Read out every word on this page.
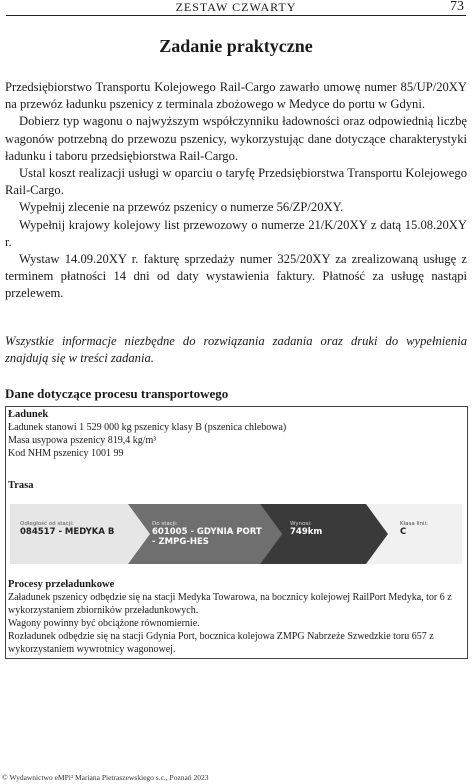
ZESTAW CZWARTY	73
Zadanie praktyczne

Przedsiębiorstwo Transportu Kolejowego Rail-Cargo zawarło umowę numer 85/UP/20XY na przewóz ładunku pszenicy z terminala zbożowego w Medyce do portu w Gdyni.

Dobierz typ wagonu o najwyższym współczynniku ładowności oraz odpowiednią liczbę wagonów potrzebną do przewozu pszenicy, wykorzystując dane dotyczące charakterystyki ładunku i taboru przedsiębiorstwa Rail-Cargo.

Ustal koszt realizacji usługi w oparciu o taryfę Przedsiębiorstwa Transportu Kolejowego Rail-Cargo.

Wypełnij zlecenie na przewóz pszenicy o numerze 56/ZP/20XY.

Wypełnij krajowy kolejowy list przewozowy o numerze 21/K/20XY z datą 15.08.20XY r.

Wystaw 14.09.20XY r. fakturę sprzedaży numer 325/20XY za zrealizowaną usługę z terminem płatności 14 dni od daty wystawienia faktury. Płatność za usługę nastąpi przelewem.

Wszystkie informacje niezbędne do rozwiązania zadania oraz druki do wypełnienia znajdują się w treści zadania.

Dane dotyczące procesu transportowego
Ładunek
Ładunek stanowi 1 529 000 kg pszenicy klasy B (pszenica chlebowa)
Masa usypowa pszenicy 819,4 kg/m³
Kod NHM pszenicy 1001 99
Trasa
Odległość od stacji:
084517 - MEDYKA B
Do stacji:
601005 - GDYNIA PORT - ZMPG-HES
Wynosi:
749km
Klasa linii:
C
Procesy przeładunkowe
Załadunek pszenicy odbędzie się na stacji Medyka Towarowa, na bocznicy kolejowej RailPort Medyka, tor 6 z wykorzystaniem zbiorników przeładunkowych.
Wagony powinny być obciążone równomiernie.
Rozładunek odbędzie się na stacji Gdynia Port, bocznica kolejowa ZMPG Nabrzeże Szwedzkie toru 657 z wykorzystaniem wywrotnicy wagonowej.
© Wydawnictwo eMPi² Mariana Pietraszewskiego s.c., Poznań 2023
